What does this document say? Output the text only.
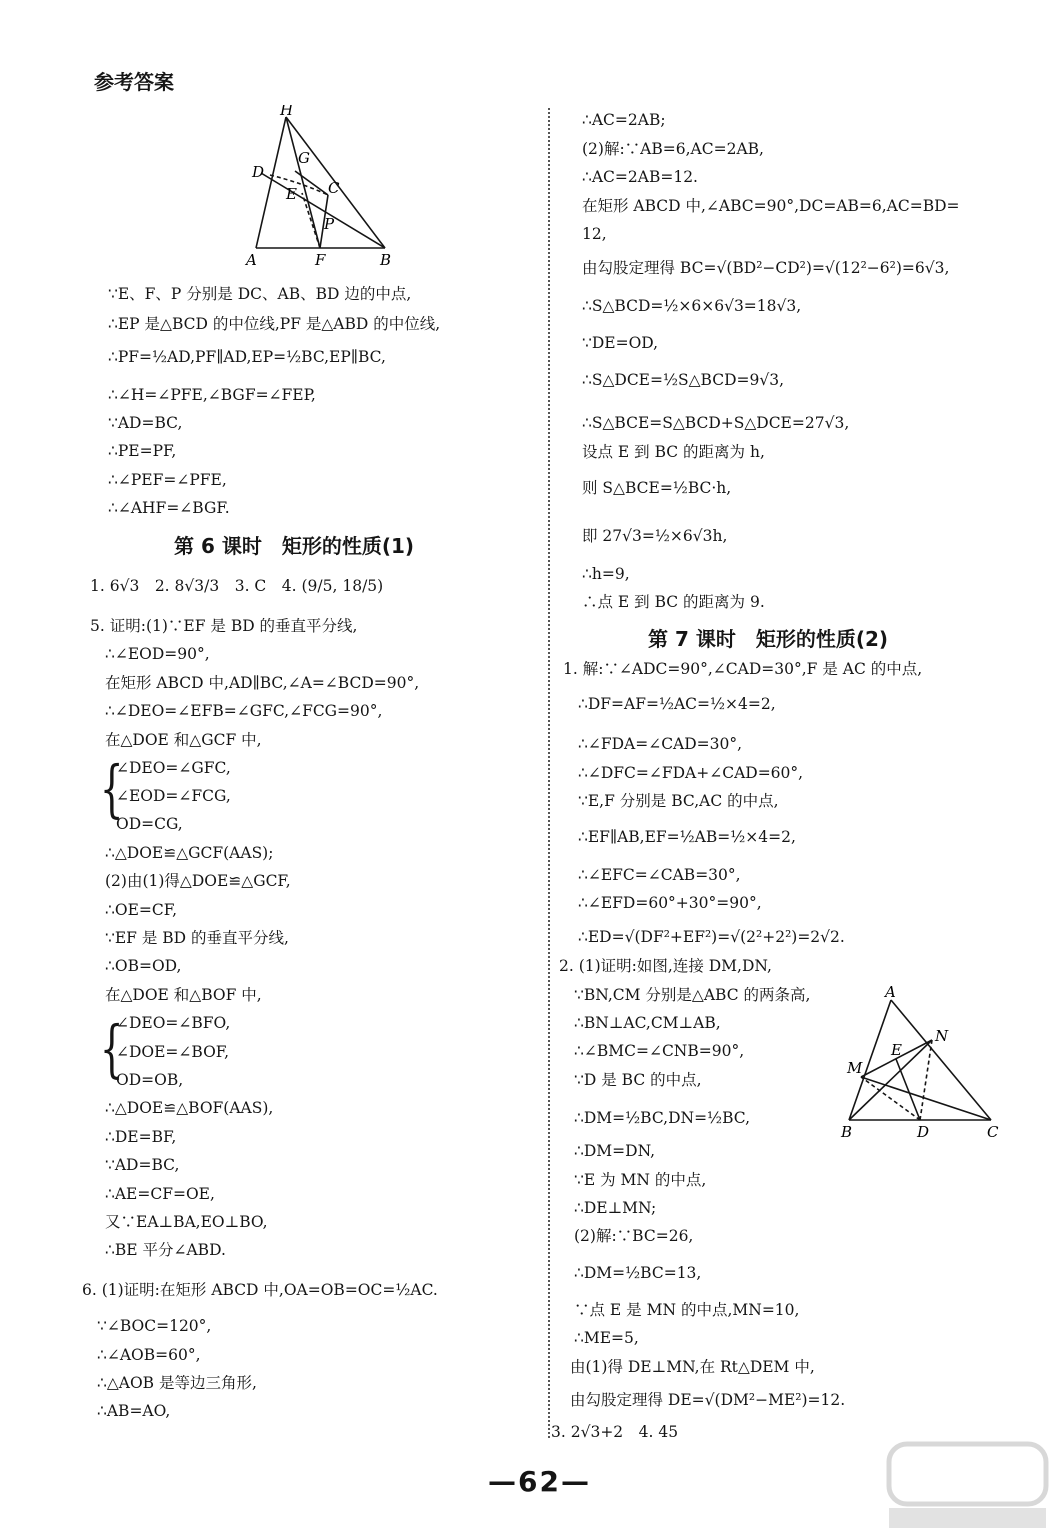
参考答案
H
G
D
E C
P
A	F	B
A
N
E
M
B	D	C
第 6 课时　矩形的性质(1)
第 7 课时　矩形的性质(2)
{
{
∵E、F、P 分别是 DC、AB、BD 边的中点,
∴EP 是△BCD 的中位线,PF 是△ABD 的中位线,
∴PF=½AD,PF∥AD,EP=½BC,EP∥BC,
∴∠H=∠PFE,∠BGF=∠FEP,
∵AD=BC,
∴PE=PF,
∴∠PEF=∠PFE,
∴∠AHF=∠BGF.
1. 6√3　2. 8√3/3　3. C　4. (9/5, 18/5)
5. 证明:(1)∵EF 是 BD 的垂直平分线,
∴∠EOD=90°,
在矩形 ABCD 中,AD∥BC,∠A=∠BCD=90°,
∴∠DEO=∠EFB=∠GFC,∠FCG=90°,
在△DOE 和△GCF 中,
∠DEO=∠GFC,
∠EOD=∠FCG,
OD=CG,
∴△DOE≌△GCF(AAS);
(2)由(1)得△DOE≌△GCF,
∴OE=CF,
∵EF 是 BD 的垂直平分线,
∴OB=OD,
在△DOE 和△BOF 中,
∠DEO=∠BFO,
∠DOE=∠BOF,
OD=OB,
∴△DOE≌△BOF(AAS),
∴DE=BF,
∵AD=BC,
∴AE=CF=OE,
又∵EA⊥BA,EO⊥BO,
∴BE 平分∠ABD.
6. (1)证明:在矩形 ABCD 中,OA=OB=OC=½AC.
∵∠BOC=120°,
∴∠AOB=60°,
∴△AOB 是等边三角形,
∴AB=AO,
∴AC=2AB;
(2)解:∵AB=6,AC=2AB,
∴AC=2AB=12.
在矩形 ABCD 中,∠ABC=90°,DC=AB=6,AC=BD=
12,
由勾股定理得 BC=√(BD²−CD²)=√(12²−6²)=6√3,
∴S△BCD=½×6×6√3=18√3,
∵DE=OD,
∴S△DCE=½S△BCD=9√3,
∴S△BCE=S△BCD+S△DCE=27√3,
设点 E 到 BC 的距离为 h,
则 S△BCE=½BC·h,
即 27√3=½×6√3h,
∴h=9,
∴点 E 到 BC 的距离为 9.
1. 解:∵∠ADC=90°,∠CAD=30°,F 是 AC 的中点,
∴DF=AF=½AC=½×4=2,
∴∠FDA=∠CAD=30°,
∴∠DFC=∠FDA+∠CAD=60°,
∵E,F 分别是 BC,AC 的中点,
∴EF∥AB,EF=½AB=½×4=2,
∴∠EFC=∠CAB=30°,
∴∠EFD=60°+30°=90°,
∴ED=√(DF²+EF²)=√(2²+2²)=2√2.
2. (1)证明:如图,连接 DM,DN,
∵BN,CM 分别是△ABC 的两条高,
∴BN⊥AC,CM⊥AB,
∴∠BMC=∠CNB=90°,
∵D 是 BC 的中点,
∴DM=½BC,DN=½BC,
∴DM=DN,
∵E 为 MN 的中点,
∴DE⊥MN;
(2)解:∵BC=26,
∴DM=½BC=13,
∵点 E 是 MN 的中点,MN=10,
∴ME=5,
由(1)得 DE⊥MN,在 Rt△DEM 中,
由勾股定理得 DE=√(DM²−ME²)=12.
3. 2√3+2　4. 45
—62—
